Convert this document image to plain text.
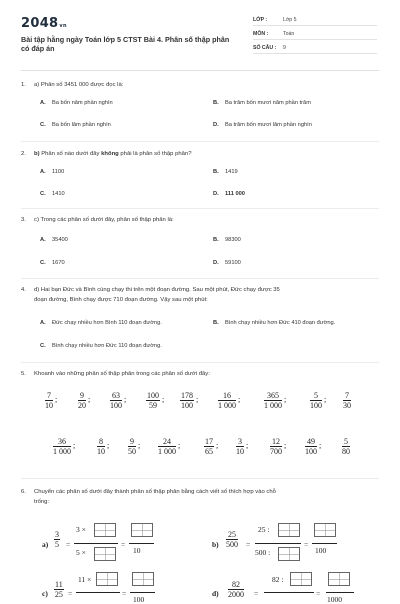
2048vn
Bài tập hằng ngày Toán lớp 5 CTST Bài 4. Phân số thập phân có đáp án
LỚP :	Lớp 5
MÔN :	Toán
SỐ CÂU : 9
1. a) Phân số 3451 000 được đọc là:
A. Ba bốn năm phần nghìn	B. Ba trăm bốn mươi năm phần trăm
C. Ba bốn lăm phần nghìn	D. Ba trăm bốn mươi lăm phần nghìn
2. b) Phân số nào dưới đây không phải là phân số thập phân?
A. 1100	B. 1419
C. 1410	D. 111 000
3. c) Trong các phân số dưới đây, phân số thập phân là:
A. 35400	B. 98300
C. 1670	D. 59100
4. d) Hai bạn Đức và Bình cùng chạy thi trên một đoạn đường. Sau một phút, Đức chạy được 35
đoạn đường, Bình chạy được 710 đoạn đường. Vậy sau một phút:
A. Đức chạy nhiều hơn Bình 110 đoạn đường.	B. Bình chạy nhiều hơn Đức 410 đoạn đường.
C. Bình chạy nhiều hơn Đức 110 đoạn đường.
5. Khoanh vào những phân số thập phân trong các phân số dưới đây:
7
10
;	9
20
;	63
100
;	100
59
; 178
100
;	16
1 000
;	365
1 000
;	5
100
; 7
30
36
1 000
;	8
10
;	9
50
;	24
1 000
;	17
65
; 3
10
;	12
700
;	49
100
;	5
80
6. Chuyển các phân số dưới đây thành phân số thập phân bằng cách viết số thích hợp vào chỗ
trống:
a)
3
5 =
3 ×
5 ×
=
10
b)
25
500 =
25 :
500 :
=
100
c)
11
25 =
11 ×
=
100
d)
82
2000 =
82 :
=
1000
